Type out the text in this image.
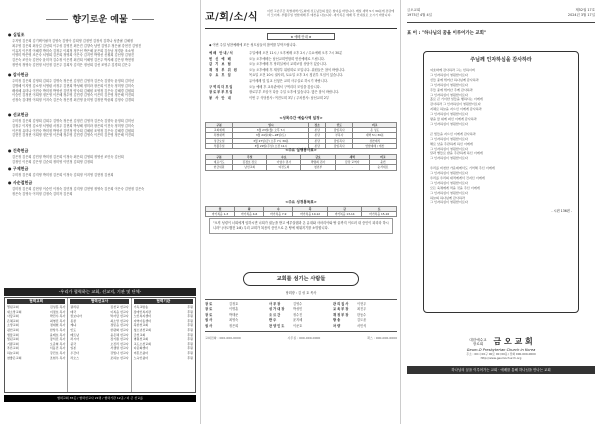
향기로운 예물
● 십일조
주지영 김은희 김기택이필자 김영숙 김영아 김희영 김정연 김정석 김하나 성종필 김혜정
최우영 김은희 최상길 김선희 이주성 김영진 최은진 김향숙 남연 김영우 정은필 강현진 김영진
이유지 이은경 이혜경 박미숙 김정주 이희정 정은선 박은혜 윤은희 김승남 정경윤 조소영
이영미 박은영 조은숙 서영희 김은희 정영희 이은숙 김지연 박영선 신원희 김선영 김형진
김은숙 조인숙 김현숙 윤미자 김수정 이은경 최진희 이혜영 김은주 박지혜 김은정 박현정
정연석 정영숙 김현정 서인정 김은주 김희자 김지은 정선희 김선 조영주 김경희 김은주
● 감사헌금
주미정 김은희 김영희 김희주 김명숙 정은선 김정진 김영자 김은숙 김향숙 윤정희 김미선
김명혜 이지영 김소영 서영림 서정우 김현희 박성혜 정미라 장은희 이진숙 정미영 김미숙
배성혜 유미나 이민숙 박미정 박영선 김민정 양숙희 김혜원 조영정 김은숙 김혜경 김원희
이승민 김정현 이희영 정은영 이은혜 정수영 김민경 김영숙 이은미 김은영 정은혜 이진희
신정숙 김대영 이희정 이지숙 김은숙 정은경 최진영 윤미영 김정현 박윤희 김정숙 김경희
● 선교헌금
주미정 김은희 김영희 김희주 김명숙 정은선 김정진 김영자 김은숙 김향숙 윤정희 김미선
김정주 이지영 김소영 서영림 서정우 김현희 박성혜 정미라 장은희 이진숙 정미영 김미숙
이은정 유미나 이민숙 박미정 박영선 김민정 양숙희 김혜원 조영정 김은숙 김혜경 김원희
김현진 김정현 이희영 정은영 이은혜 정수영 김민경 김영숙 이은미 김은영 정은혜 이진희
● 건축헌금
김은정 김은희 김민정 박미정 김은희 이정숙 최은희 김영희 정영선 조인숙 김선희
김정인 이은희 김은영 김순희 정미영 이민정 김희영 김정희
● 구제헌금
주미정 김은희 김지영 박미정 김은희 이정숙 김희정 이지영 김현정 김선희
● 사순절헌금
김미정 김은희 김현정 이승민 이정숙 김민정 김지영 김현영 정영숙 김은희 이은숙 김현정 김은숙
정은숙 김영숙 이미정 김정숙 김미자 김은희
-우리가 협력하는 교회, 선교지, 기관 및 단체-
협력교회
열린교회	김성훈 목사
새소망교회	이정호 목사
사랑교회	박민수 목사
은혜교회	최영진 목사
소망교회	정대현 목사
평안교회	한상우 목사
샘물교회	윤태호 목사
빛된교회	장석진 목사
기쁨교회	오준혁 목사
푸른교회	서동민 목사
하늘교회	강민호 목사
참좋은교회	조현우 목사
협력선교사
필리핀	김선교 선교사
태국	이복음 선교사
캄보디아	박사랑 선교사
몽골	최소망 선교사
케냐	정믿음 선교사
인도	한평화 선교사
베트남	윤은혜 선교사
러시아	장기쁨 선교사
중국	오진리 선교사
일본	서생명 선교사
우간다	강빛나 선교사
라오스	조하늘 선교사
협력기관
기독교방송	후원
장애인복지관	후원
노인복지센터	후원
지역아동센터	후원
북한선교회	후원
청소년선교회	후원
군선교회	후원
병원선교회	후원
교도소선교회	후원
다문화센터	후원
미혼모쉼터	후원
노숙인쉼터	후원
협력교회 37곳 / 협력선교사 21명 / 협력기관 12곳 / 더 큰 선교를
교/회/소/식
이번 고난주간 특별새벽기도회에 성도님들의 많은 참여를 바랍니다. 매일 새벽 5시 30분에 본당에서 모이며, 부활주일 연합예배 후 애찬을 나눕니다. 새가족은 예배 후 안내실로 오시기 바랍니다.
★ 예배 안내 ★
◆ 이번 주일 성찬예배에 모든 성도님들의 참여를 부탁드립니다.
예배 안내/식	주일예배 오전 11시 / 오후예배 오후 2시 / 수요예배 오후 7시 30분
헌 신 예 배	오늘 오후예배는 남선교회연합회 헌신예배로 드립니다.
감 기 보 험	오늘 오후예배 후 당회실에서 교회보험 상담이 있습니다.
재 정 부 위 원	오늘 오후예배 후 재정부 위원회로 모입니다. 위원들은 참석 바랍니다.
주 요 모 임	목요일 오전 10시 권사회, 토요일 오후 3시 청년부 모임이 있습니다.
유아세례 및 입교 신청은 교회 사무실로 하시기 바랍니다.
구역리더모임	오늘 예배 후 교육관에서 구역리더 모임을 갖습니다.
장로부부모임	장로부부 모임이 다음 주일 오후에 있습니다. 많은 참석 바랍니다.
봉 사 안 내	이번 주 식당봉사: 여전도회 3부 / 주차봉사: 남선교회 2부
<성목주간 예술사역 일정>
구분	일시	장소	인도	비고
교회예배	3월 23일(월) 오후 7시	본당	담임목사	온 성도
특별새벽	3월 24일(화)~28일(토)	본당	부목사	새벽 5시 30분
성금요일	3월 27일(금) 오후 7시 30분	본당	담임목사	성찬예식
부활주일	3월 29일(주일) 오전 11시	본당	담임목사	연합예배 / 애찬
<주요 실행봉사표>
구분	주일	수요	금요	새벽	비고
대표기도	김정호 장로	이영수 권사	박명희 권사	담당 교역자	윤번
헌금위원	남선교회	여전도회	청년부	-	순서대로
<주요 성경통독표>
월	화	수	목	금	토
마가복음 1-3	마가복음 4-6	마가복음 7-9	마가복음 10-12	마가복음 13-14	마가복음 15-16
"오직 성령이 너희에게 임하시면 너희가 권능을 받고 예루살렘과 온 유대와 사마리아와 땅 끝까지 이르러 내 증인이 되리라 하시니라" (사도행전 1:8) 우리 교회가 복음의 증인으로 온 땅에 세워지기를 소망합니다.
교회를 섬기는 사람들
당회장 : 김 성 호 목사
장로	김정호	사무장	김영수	관리집사	이현우
장로	이명훈	성가대장	박성민	교육부장	최진우
장로	박태준	오르간	정수진	재정부장	한동수
권사	최영숙	반주	윤지혜	방송	김도윤
권사	정은희	찬양인도	이준호	차량	서민석
교회전화 : 000-000-0000	사무실 : 000-000-0000	팩스 : 000-000-0000
금오교회
1975년 4월 4일
제52권 17호
2024년 3월 17일
표 어 : "하나님의 꿈을 이루어가는 교회"
주님께 인자하심을 감사하라
여호와께 감사하라 그는 선하시며
그 인자하심이 영원함이로다
신들 중에 뛰어난 하나님께 감사하라
그 인자하심이 영원함이로다
주들 중에 뛰어난 주께 감사하라
그 인자하심이 영원함이로다
홀로 큰 기이한 일들을 행하시는 이에게
감사하라 그 인자하심이 영원함이로다
지혜로 하늘을 지으신 이에게 감사하라
그 인자하심이 영원함이로다
땅을 물 위에 펴신 이에게 감사하라
그 인자하심이 영원함이로다

큰 빛들을 지으신 이에게 감사하라
그 인자하심이 영원함이로다
해로 낮을 주관하게 하신 이에게
그 인자하심이 영원함이로다
달과 별들로 밤을 주관하게 하신 이에게
그 인자하심이 영원함이로다

우리를 비천한 가운데에서도 기억해 주신 이에게
그 인자하심이 영원함이로다
우리를 우리의 대적에게서 건지신 이에게
그 인자하심이 영원함이로다
모든 육체에게 먹을 것을 주신 이에게
그 인자하심이 영원함이로다
하늘의 하나님께 감사하라
그 인자하심이 영원함이로다
- 시편 136편 -
대한예수교
장로회 금 오 교 회
Geum-O Presbyterian Church in Korea
주소 : 00시 00구 00로 00 (00동) 전화 000-000-0000
http://www.geumochurch.org
하나님의 꿈을 이루어가는 교회 · 예배를 통해 하나님을 만나는 교회
